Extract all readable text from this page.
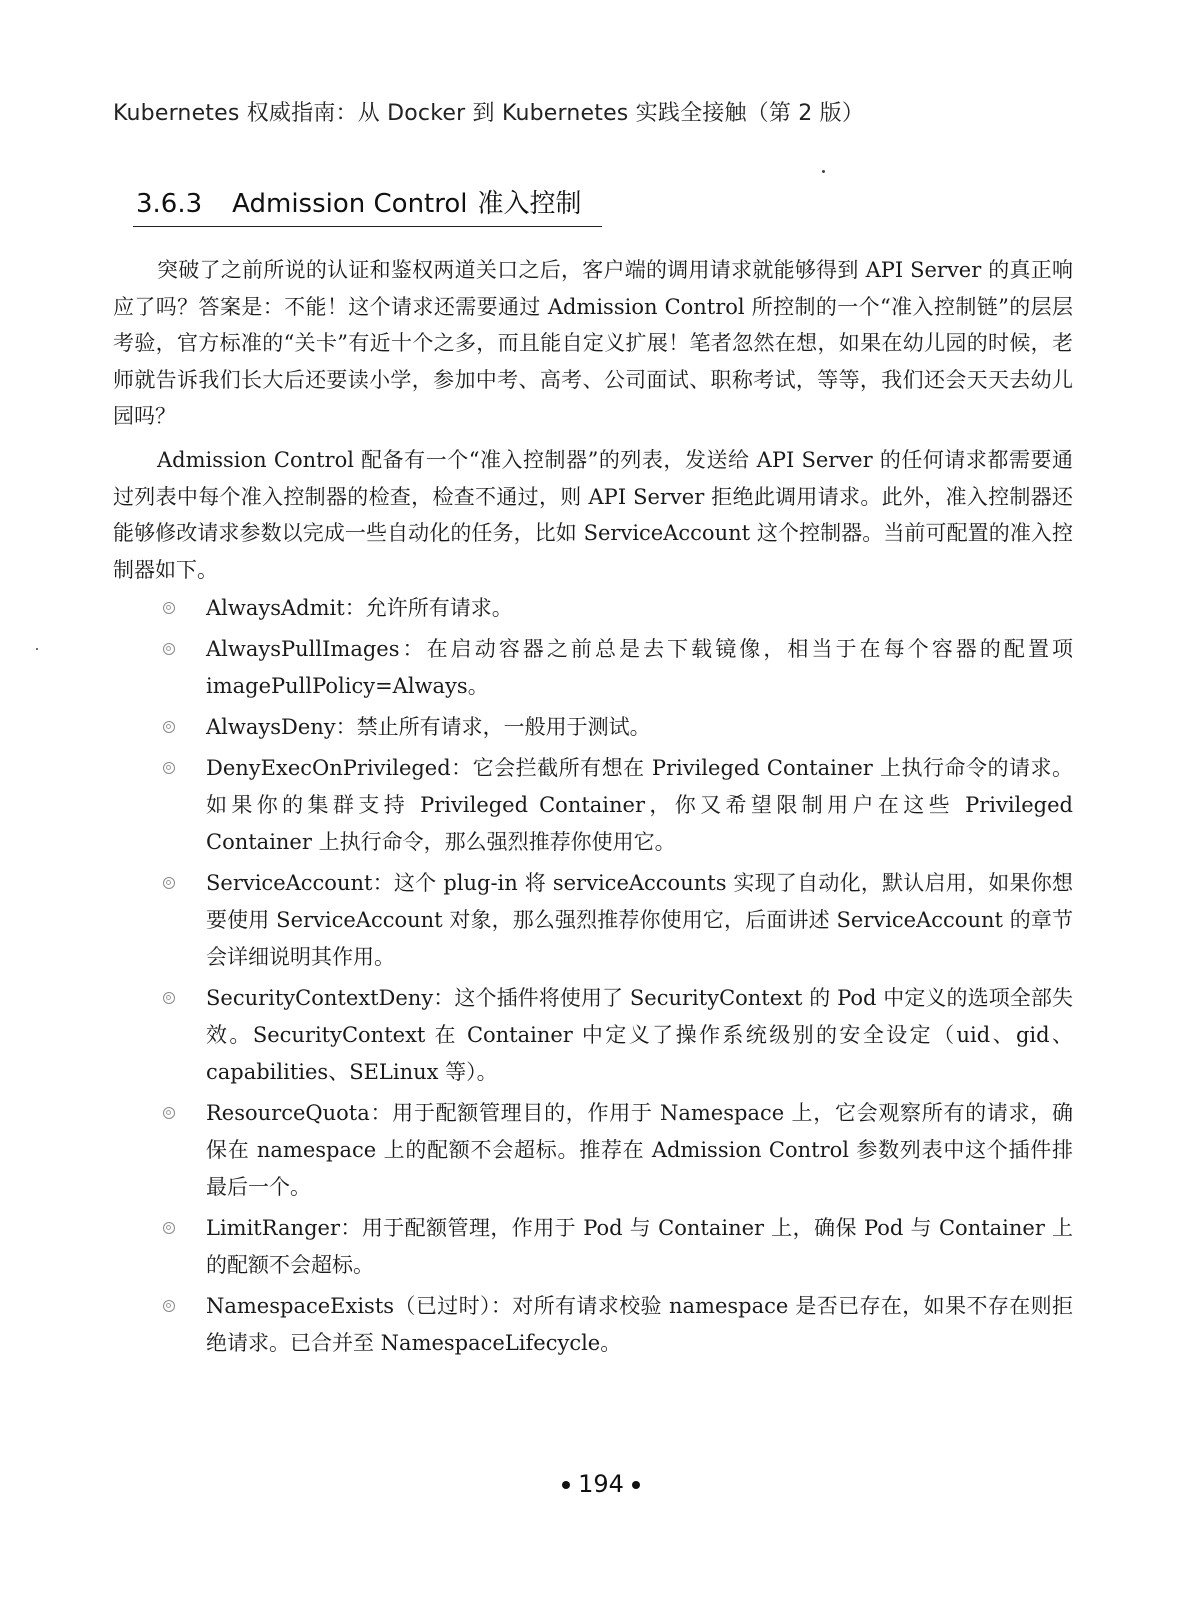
Kubernetes 权威指南：从 Docker 到 Kubernetes 实践全接触（第 2 版）
3.6.3 Admission Control 准入控制

突破了之前所说的认证和鉴权两道关口之后，客户端的调用请求就能够得到 API Server 的真正响应了吗？答案是：不能！这个请求还需要通过 Admission Control 所控制的一个“准入控制链”的层层考验，官方标准的“关卡”有近十个之多，而且能自定义扩展！笔者忽然在想，如果在幼儿园的时候，老师就告诉我们长大后还要读小学，参加中考、高考、公司面试、职称考试，等等，我们还会天天去幼儿园吗？

Admission Control 配备有一个“准入控制器”的列表，发送给 API Server 的任何请求都需要通过列表中每个准入控制器的检查，检查不通过，则 API Server 拒绝此调用请求。此外，准入控制器还能够修改请求参数以完成一些自动化的任务，比如 ServiceAccount 这个控制器。当前可配置的准入控制器如下。

AlwaysAdmit：允许所有请求。
AlwaysPullImages：在启动容器之前总是去下载镜像，相当于在每个容器的配置项 imagePullPolicy=Always。
AlwaysDeny：禁止所有请求，一般用于测试。
DenyExecOnPrivileged：它会拦截所有想在 Privileged Container 上执行命令的请求。如果你的集群支持 Privileged Container，你又希望限制用户在这些 Privileged Container 上执行命令，那么强烈推荐你使用它。
ServiceAccount：这个 plug-in 将 serviceAccounts 实现了自动化，默认启用，如果你想要使用 ServiceAccount 对象，那么强烈推荐你使用它，后面讲述 ServiceAccount 的章节会详细说明其作用。
SecurityContextDeny：这个插件将使用了 SecurityContext 的 Pod 中定义的选项全部失效。SecurityContext 在 Container 中定义了操作系统级别的安全设定（uid、gid、capabilities、SELinux 等）。
ResourceQuota：用于配额管理目的，作用于 Namespace 上，它会观察所有的请求，确保在 namespace 上的配额不会超标。推荐在 Admission Control 参数列表中这个插件排最后一个。
LimitRanger：用于配额管理，作用于 Pod 与 Container 上，确保 Pod 与 Container 上的配额不会超标。
NamespaceExists（已过时）：对所有请求校验 namespace 是否已存在，如果不存在则拒绝请求。已合并至 NamespaceLifecycle。
194
